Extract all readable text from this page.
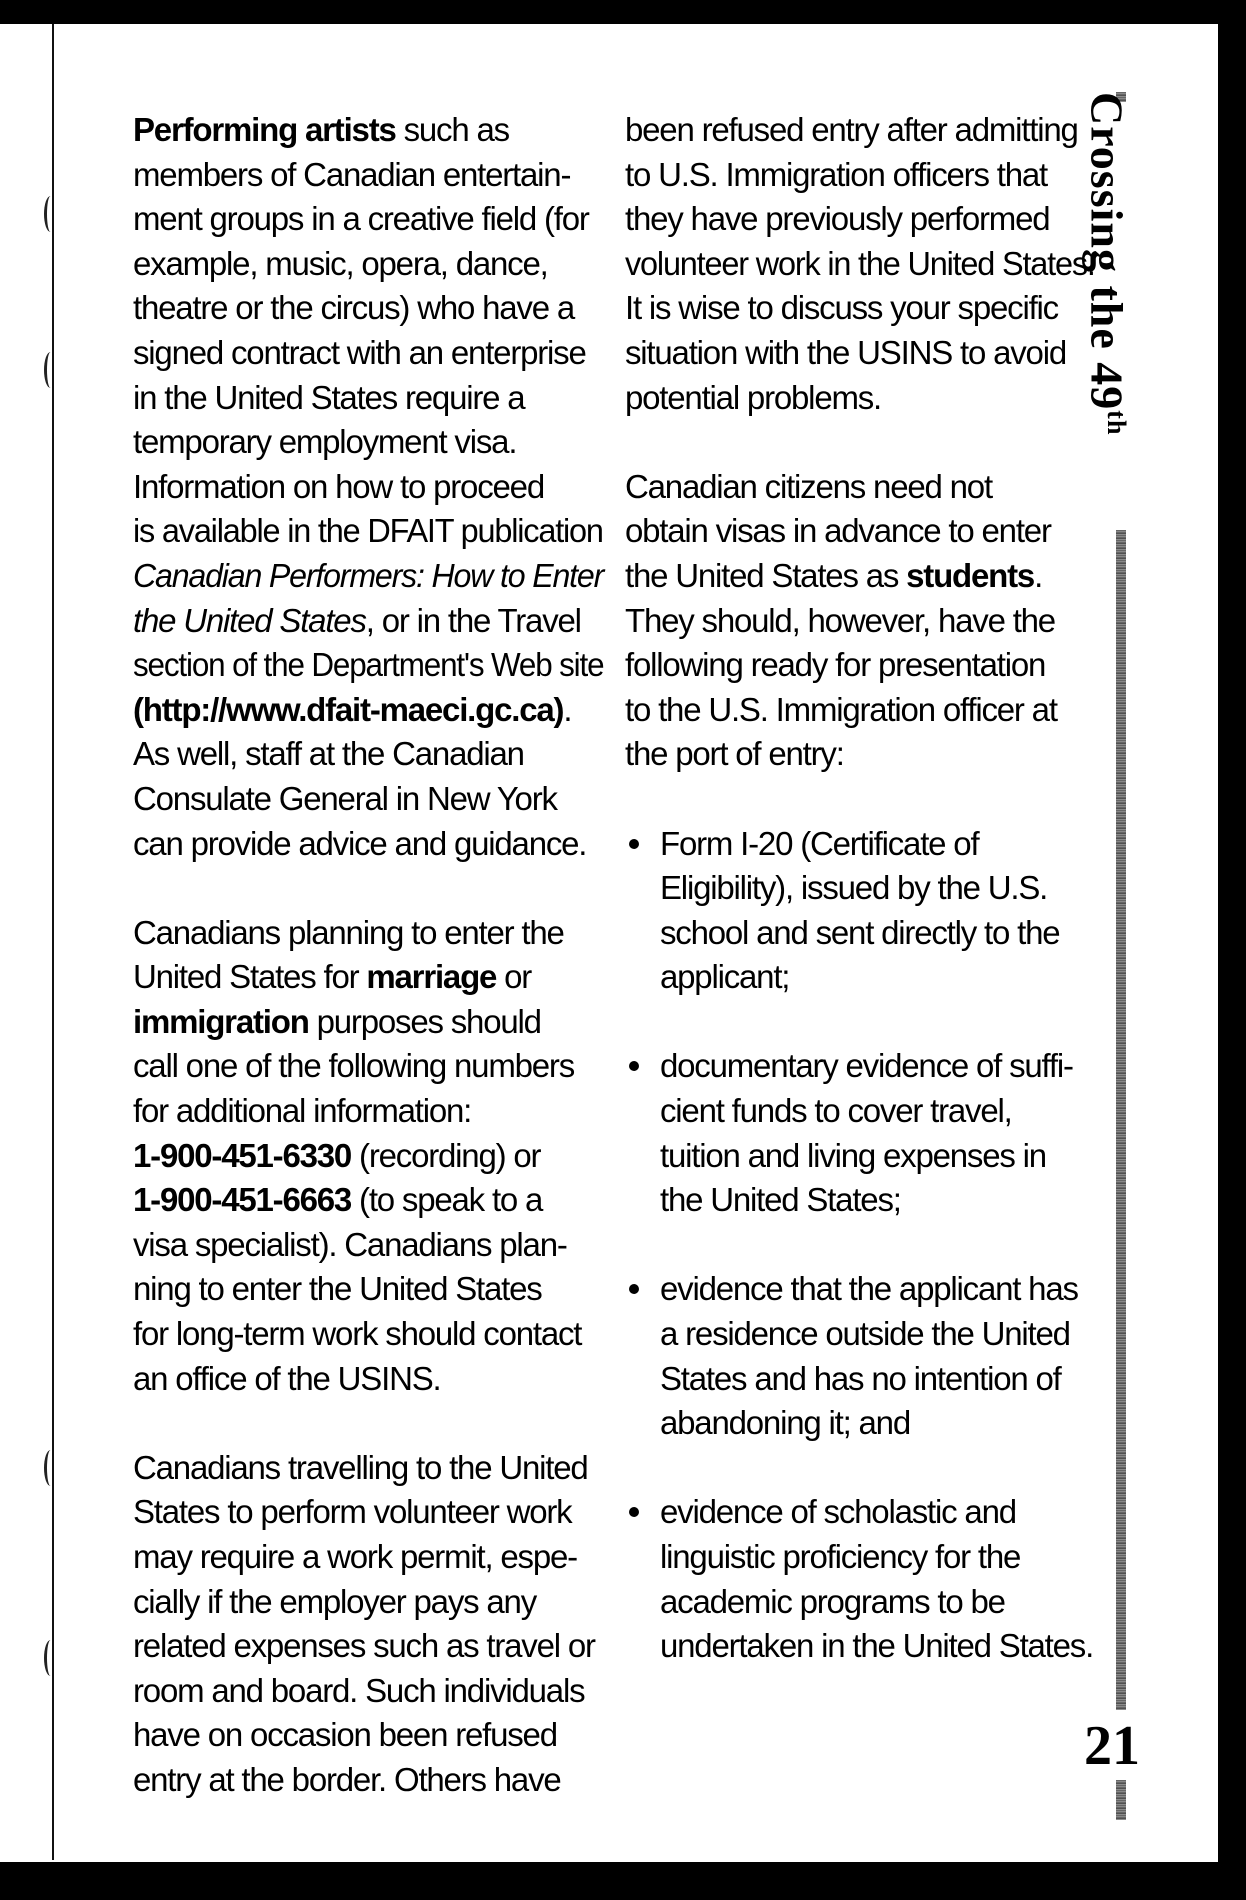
Performing artists such as
members of Canadian entertain-
ment groups in a creative field (for
example, music, opera, dance,
theatre or the circus) who have a
signed contract with an enterprise
in the United States require a
temporary employment visa.
Information on how to proceed
is available in the DFAIT publication
Canadian Performers: How to Enter
the United States, or in the Travel
section of the Department's Web site
(http://www.dfait-maeci.gc.ca).
As well, staff at the Canadian
Consulate General in New York
can provide advice and guidance.

Canadians planning to enter the
United States for marriage or
immigration purposes should
call one of the following numbers
for additional information:
1-900-451-6330 (recording) or
1-900-451-6663 (to speak to a
visa specialist). Canadians plan-
ning to enter the United States
for long-term work should contact
an office of the USINS.

Canadians travelling to the United
States to perform volunteer work
may require a work permit, espe-
cially if the employer pays any
related expenses such as travel or
room and board. Such individuals
have on occasion been refused
entry at the border. Others have

been refused entry after admitting
to U.S. Immigration officers that
they have previously performed
volunteer work in the United States.
It is wise to discuss your specific
situation with the USINS to avoid
potential problems.

Canadian citizens need not
obtain visas in advance to enter
the United States as students.
They should, however, have the
following ready for presentation
to the U.S. Immigration officer at
the port of entry:

Form I-20 (Certificate of
Eligibility), issued by the U.S.
school and sent directly to the
applicant;
documentary evidence of suffi-
cient funds to cover travel,
tuition and living expenses in
the United States;
evidence that the applicant has
a residence outside the United
States and has no intention of
abandoning it; and
evidence of scholastic and
linguistic proficiency for the
academic programs to be
undertaken in the United States.
Crossing the 49th
21
